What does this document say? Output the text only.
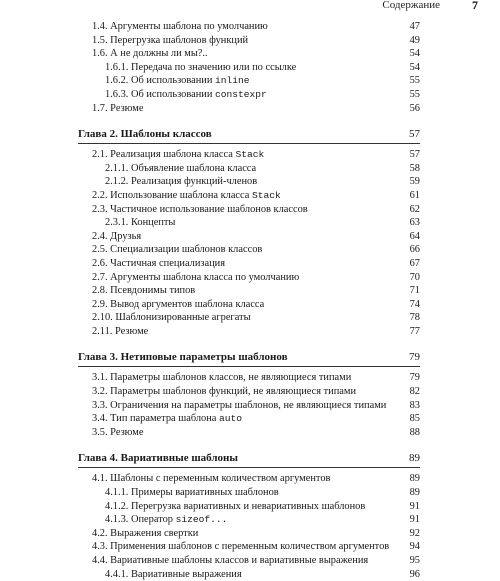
Содержание	7
1.4. Аргументы шаблона по умолчанию	47
1.5. Перегрузка шаблонов функций	49
1.6. А не должны ли мы?..	54
1.6.1. Передача по значению или по ссылке	54
1.6.2. Об использовании inline	55
1.6.3. Об использовании constexpr	55
1.7. Резюме	56
Глава 2. Шаблоны классов	57
2.1. Реализация шаблона класса Stack	57
2.1.1. Объявление шаблона класса	58
2.1.2. Реализация функций-членов	59
2.2. Использование шаблона класса Stack	61
2.3. Частичное использование шаблонов классов	62
2.3.1. Концепты	63
2.4. Друзья	64
2.5. Специализации шаблонов классов	66
2.6. Частичная специализация	67
2.7. Аргументы шаблона класса по умолчанию	70
2.8. Псевдонимы типов	71
2.9. Вывод аргументов шаблона класса	74
2.10. Шаблонизированные агрегаты	78
2.11. Резюме	77
Глава 3. Нетиповые параметры шаблонов	79
3.1. Параметры шаблонов классов, не являющиеся типами	79
3.2. Параметры шаблонов функций, не являющиеся типами	82
3.3. Ограничения на параметры шаблонов, не являющиеся типами 83
3.4. Тип параметра шаблона auto	85
3.5. Резюме	88
Глава 4. Вариативные шаблоны	89
4.1. Шаблоны с переменным количеством аргументов	89
4.1.1. Примеры вариативных шаблонов	89
4.1.2. Перегрузка вариативных и невариативных шаблонов	91
4.1.3. Оператор sizeof...	91
4.2. Выражения свертки	92
4.3. Применения шаблонов с переменным количеством аргументов 94
4.4. Вариативные шаблоны классов и вариативные выражения	95
4.4.1. Вариативные выражения	96
